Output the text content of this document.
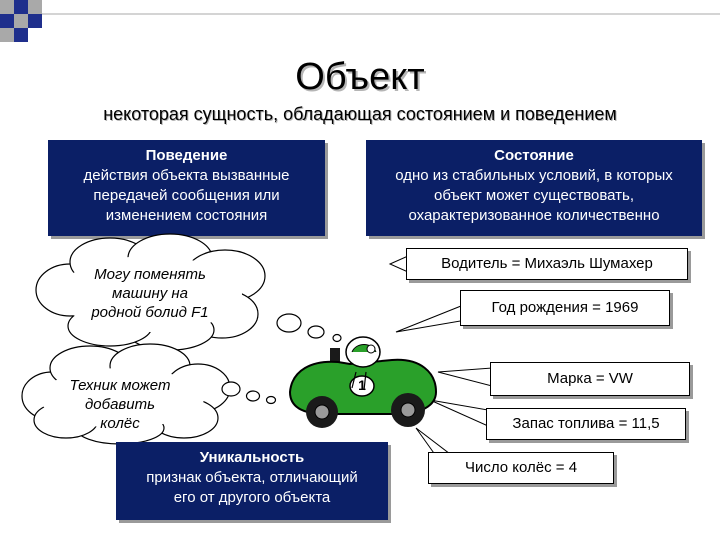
Объект
некоторая сущность, обладающая состоянием и поведением
Поведение
действия объекта вызванные
передачей сообщения или
изменением состояния
Состояние
одно из стабильных условий, в которых
объект может существовать,
охарактеризованное количественно
1
Могу поменять
машину на
родной болид F1
Техник может
добавить
колёс
Водитель = Михаэль Шумахер
Год рождения = 1969
Марка = VW
Запас топлива = 11,5
Число колёс = 4
Уникальность
признак объекта, отличающий
его от другого объекта
